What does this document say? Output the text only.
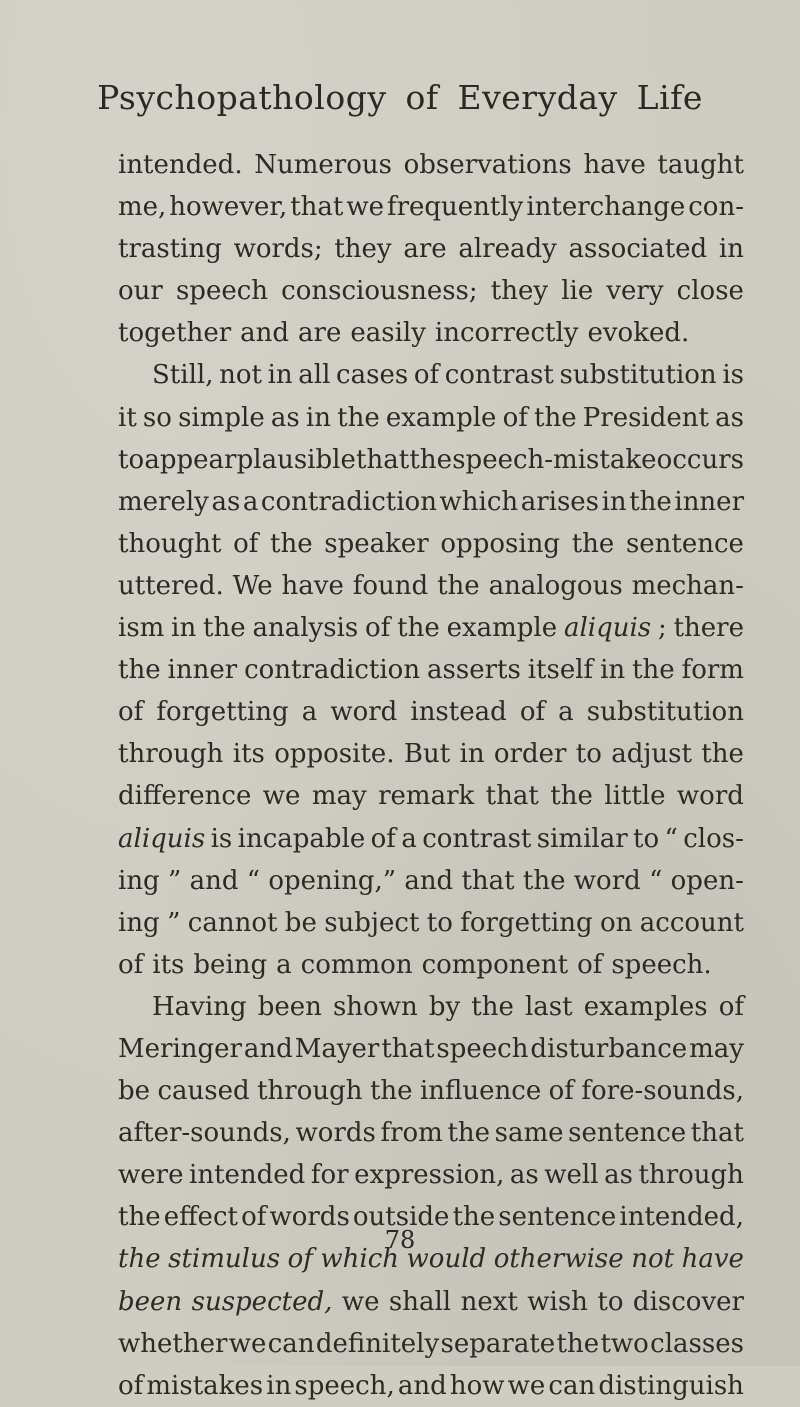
Psychopathology of Everyday Life
intended. Numerous observations have taught
me, however, that we frequently interchange con-
trasting words; they are already associated in
our speech consciousness; they lie very close
together and are easily incorrectly evoked.
Still, not in all cases of contrast substitution is
it so simple as in the example of the President as
to appear plausible that the speech-mistake occurs
merely as a contradiction which arises in the inner
thought of the speaker opposing the sentence
uttered. We have found the analogous mechan-
ism in the analysis of the example aliquis ; there
the inner contradiction asserts itself in the form
of forgetting a word instead of a substitution
through its opposite. But in order to adjust the
difference we may remark that the little word
aliquis is incapable of a contrast similar to “ clos-
ing ” and “ opening,” and that the word “ open-
ing ” cannot be subject to forgetting on account
of its being a common component of speech.
Having been shown by the last examples of
Meringer and Mayer that speech disturbance may
be caused through the influence of fore-sounds,
after-sounds, words from the same sentence that
were intended for expression, as well as through
the effect of words outside the sentence intended,
the stimulus of which would otherwise not have
been suspected, we shall next wish to discover
whether we can definitely separate the two classes
of mistakes in speech, and how we can distinguish
78
